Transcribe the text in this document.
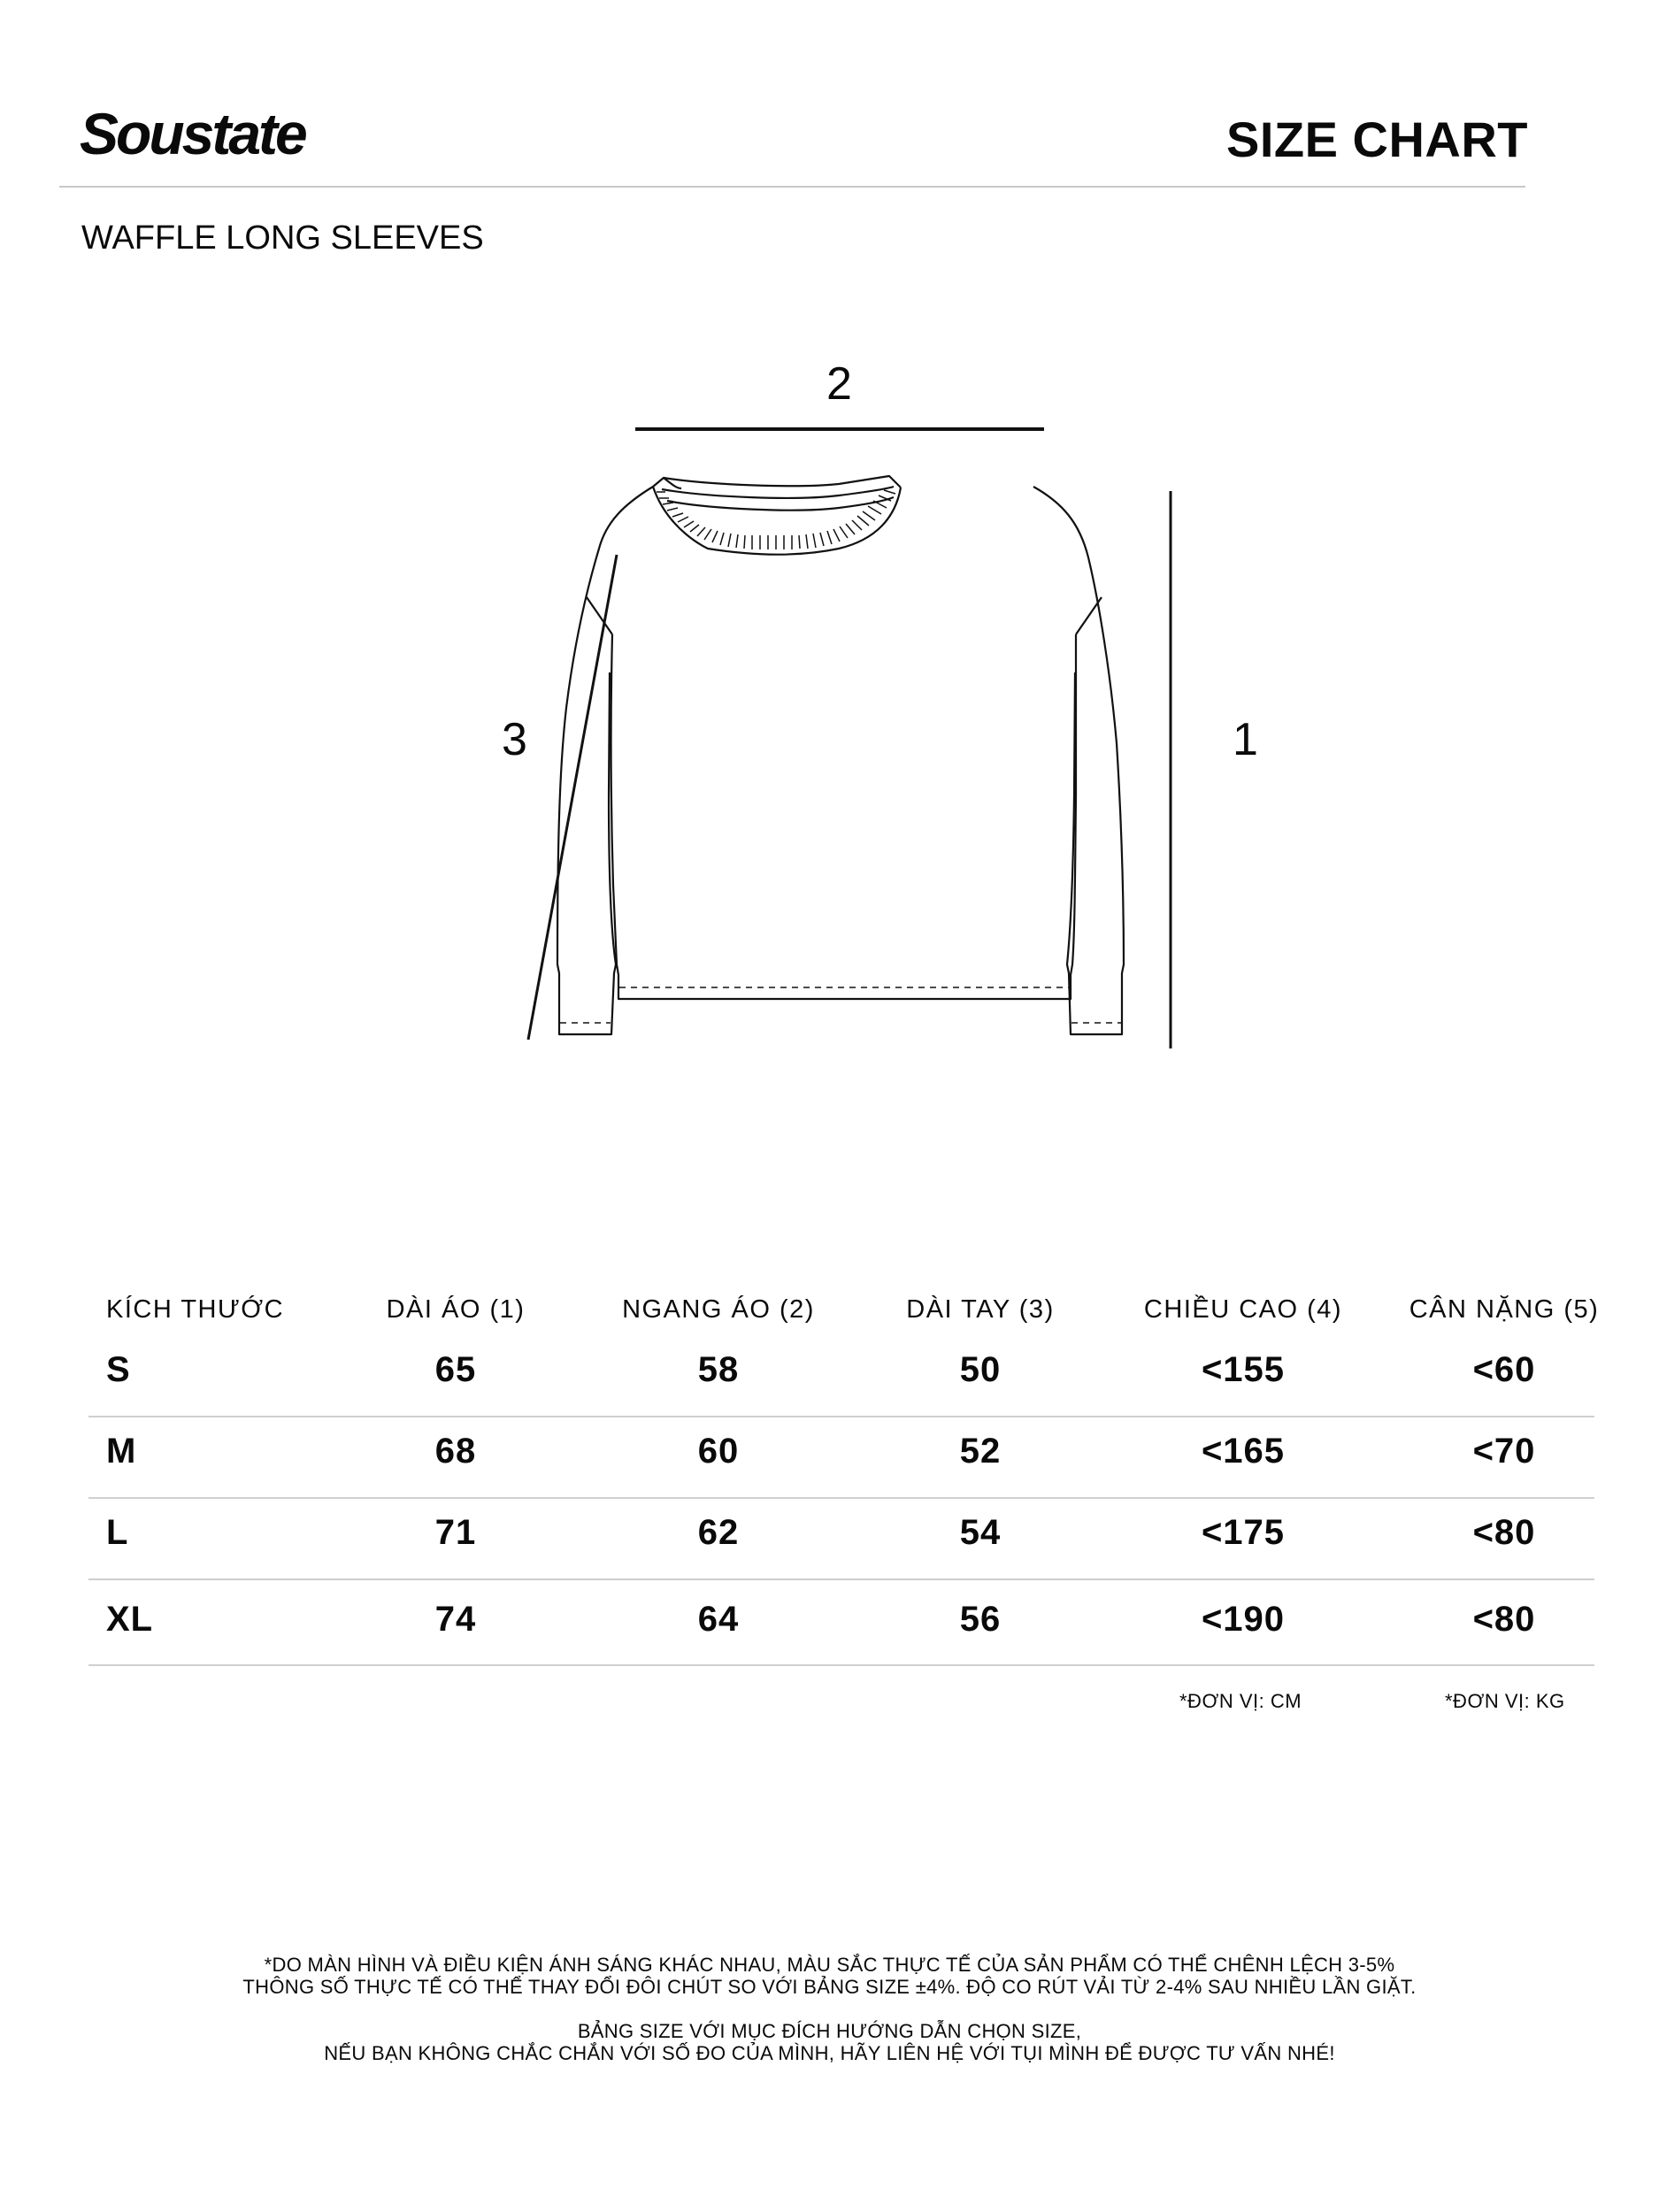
Soustate	SIZE CHART
WAFFLE LONG SLEEVES
2
3	1
KÍCH THƯỚC	DÀI ÁO (1)	NGANG ÁO (2)	DÀI TAY (3)	CHIỀU CAO (4)	CÂN NẶNG (5)
S	65	58	50	<155	<60
M	68	60	52	<165	<70
L	71	62	54	<175	<80
XL	74	64	56	<190	<80
*ĐƠN VỊ: CM	*ĐƠN VỊ: KG
*DO MÀN HÌNH VÀ ĐIỀU KIỆN ÁNH SÁNG KHÁC NHAU, MÀU SẮC THỰC TẾ CỦA SẢN PHẨM CÓ THỂ CHÊNH LỆCH 3-5%
THÔNG SỐ THỰC TẾ CÓ THỂ THAY ĐỔI ĐÔI CHÚT SO VỚI BẢNG SIZE ±4%. ĐỘ CO RÚT VẢI TỪ 2-4% SAU NHIỀU LẦN GIẶT.
BẢNG SIZE VỚI MỤC ĐÍCH HƯỚNG DẪN CHỌN SIZE,
NẾU BẠN KHÔNG CHẮC CHẮN VỚI SỐ ĐO CỦA MÌNH, HÃY LIÊN HỆ VỚI TỤI MÌNH ĐỂ ĐƯỢC TƯ VẤN NHÉ!
